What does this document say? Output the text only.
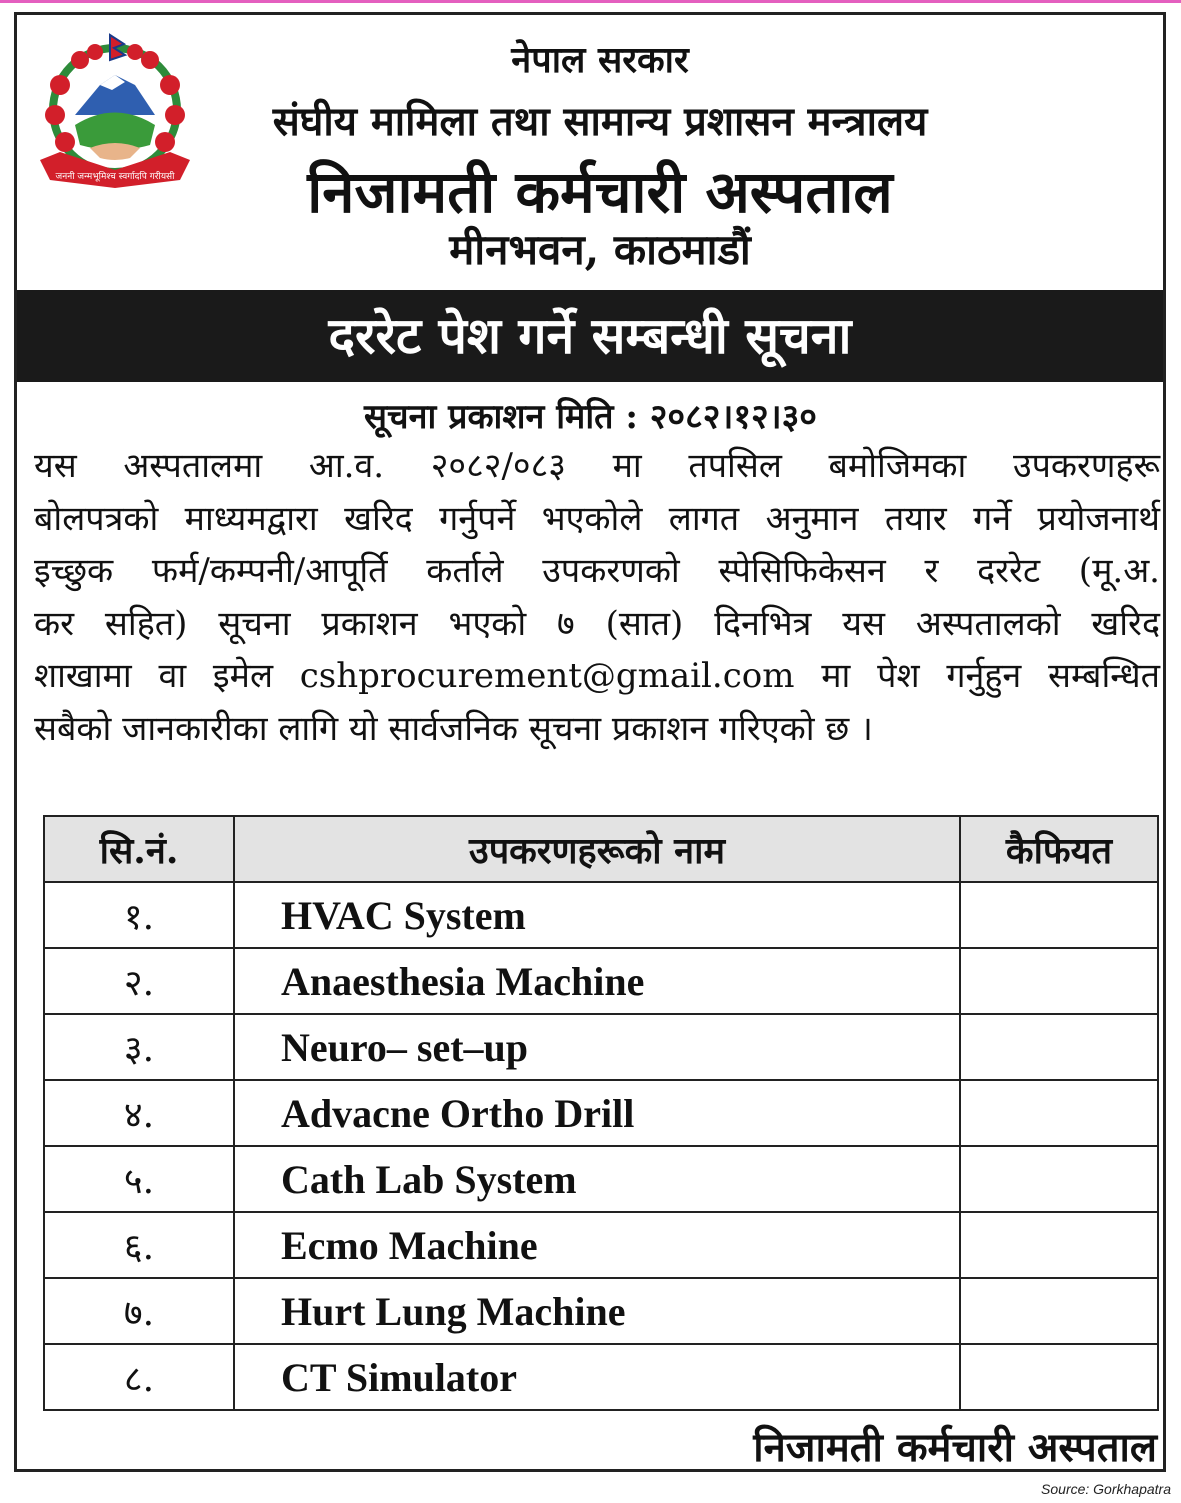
जननी जन्मभूमिश्च स्वर्गादपि गरीयसी
नेपाल सरकार
संघीय मामिला तथा सामान्य प्रशासन मन्त्रालय
निजामती कर्मचारी अस्पताल
मीनभवन, काठमाडौं
दररेट पेश गर्ने सम्बन्धी सूचना
सूचना प्रकाशन मिति : २०८२।१२।३०
यस अस्पतालमा आ.व. २०८२/०८३ मा तपसिल बमोजिमका उपकरणहरू
बोलपत्रको माध्यमद्वारा खरिद गर्नुपर्ने भएकोले लागत अनुमान तयार गर्ने प्रयोजनार्थ
इच्छुक फर्म/कम्पनी/आपूर्ति कर्ताले उपकरणको स्पेसिफिकेसन र दररेट (मू.अ.
कर सहित) सूचना प्रकाशन भएको ७ (सात) दिनभित्र यस अस्पतालको खरिद
शाखामा वा इमेल cshprocurement@gmail.com मा पेश गर्नुहुन सम्बन्धित
सबैको जानकारीका लागि यो सार्वजनिक सूचना प्रकाशन गरिएको छ ।
सि.नं.	उपकरणहरूको नाम	कैफियत
१.	HVAC System	
२.	Anaesthesia Machine	
३.	Neuro– set–up	
४.	Advacne Ortho Drill	
५.	Cath Lab System	
६.	Ecmo Machine	
७.	Hurt Lung Machine	
८.	CT Simulator	
निजामती कर्मचारी अस्पताल
Source: Gorkhapatra
